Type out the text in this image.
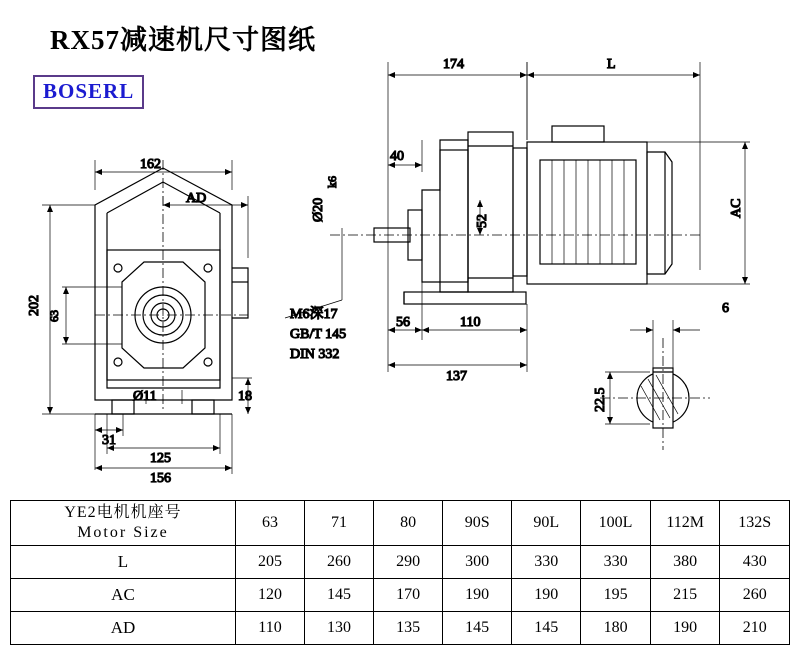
RX57减速机尺寸图纸
BOSERL
162
AD
202 63
31
125
156
18
Ø11
174	L
40
Ø20
k6
52
AC
56	110
137
M6深17
GB/T 145
DIN 332
6
22.5
YE2电机机座号
Motor Size	63	71	80	90S	90L	100L	112M	132S
L	205	260	290	300	330	330	380	430
AC	120	145	170	190	190	195	215	260
AD	110	130	135	145	145	180	190	210
